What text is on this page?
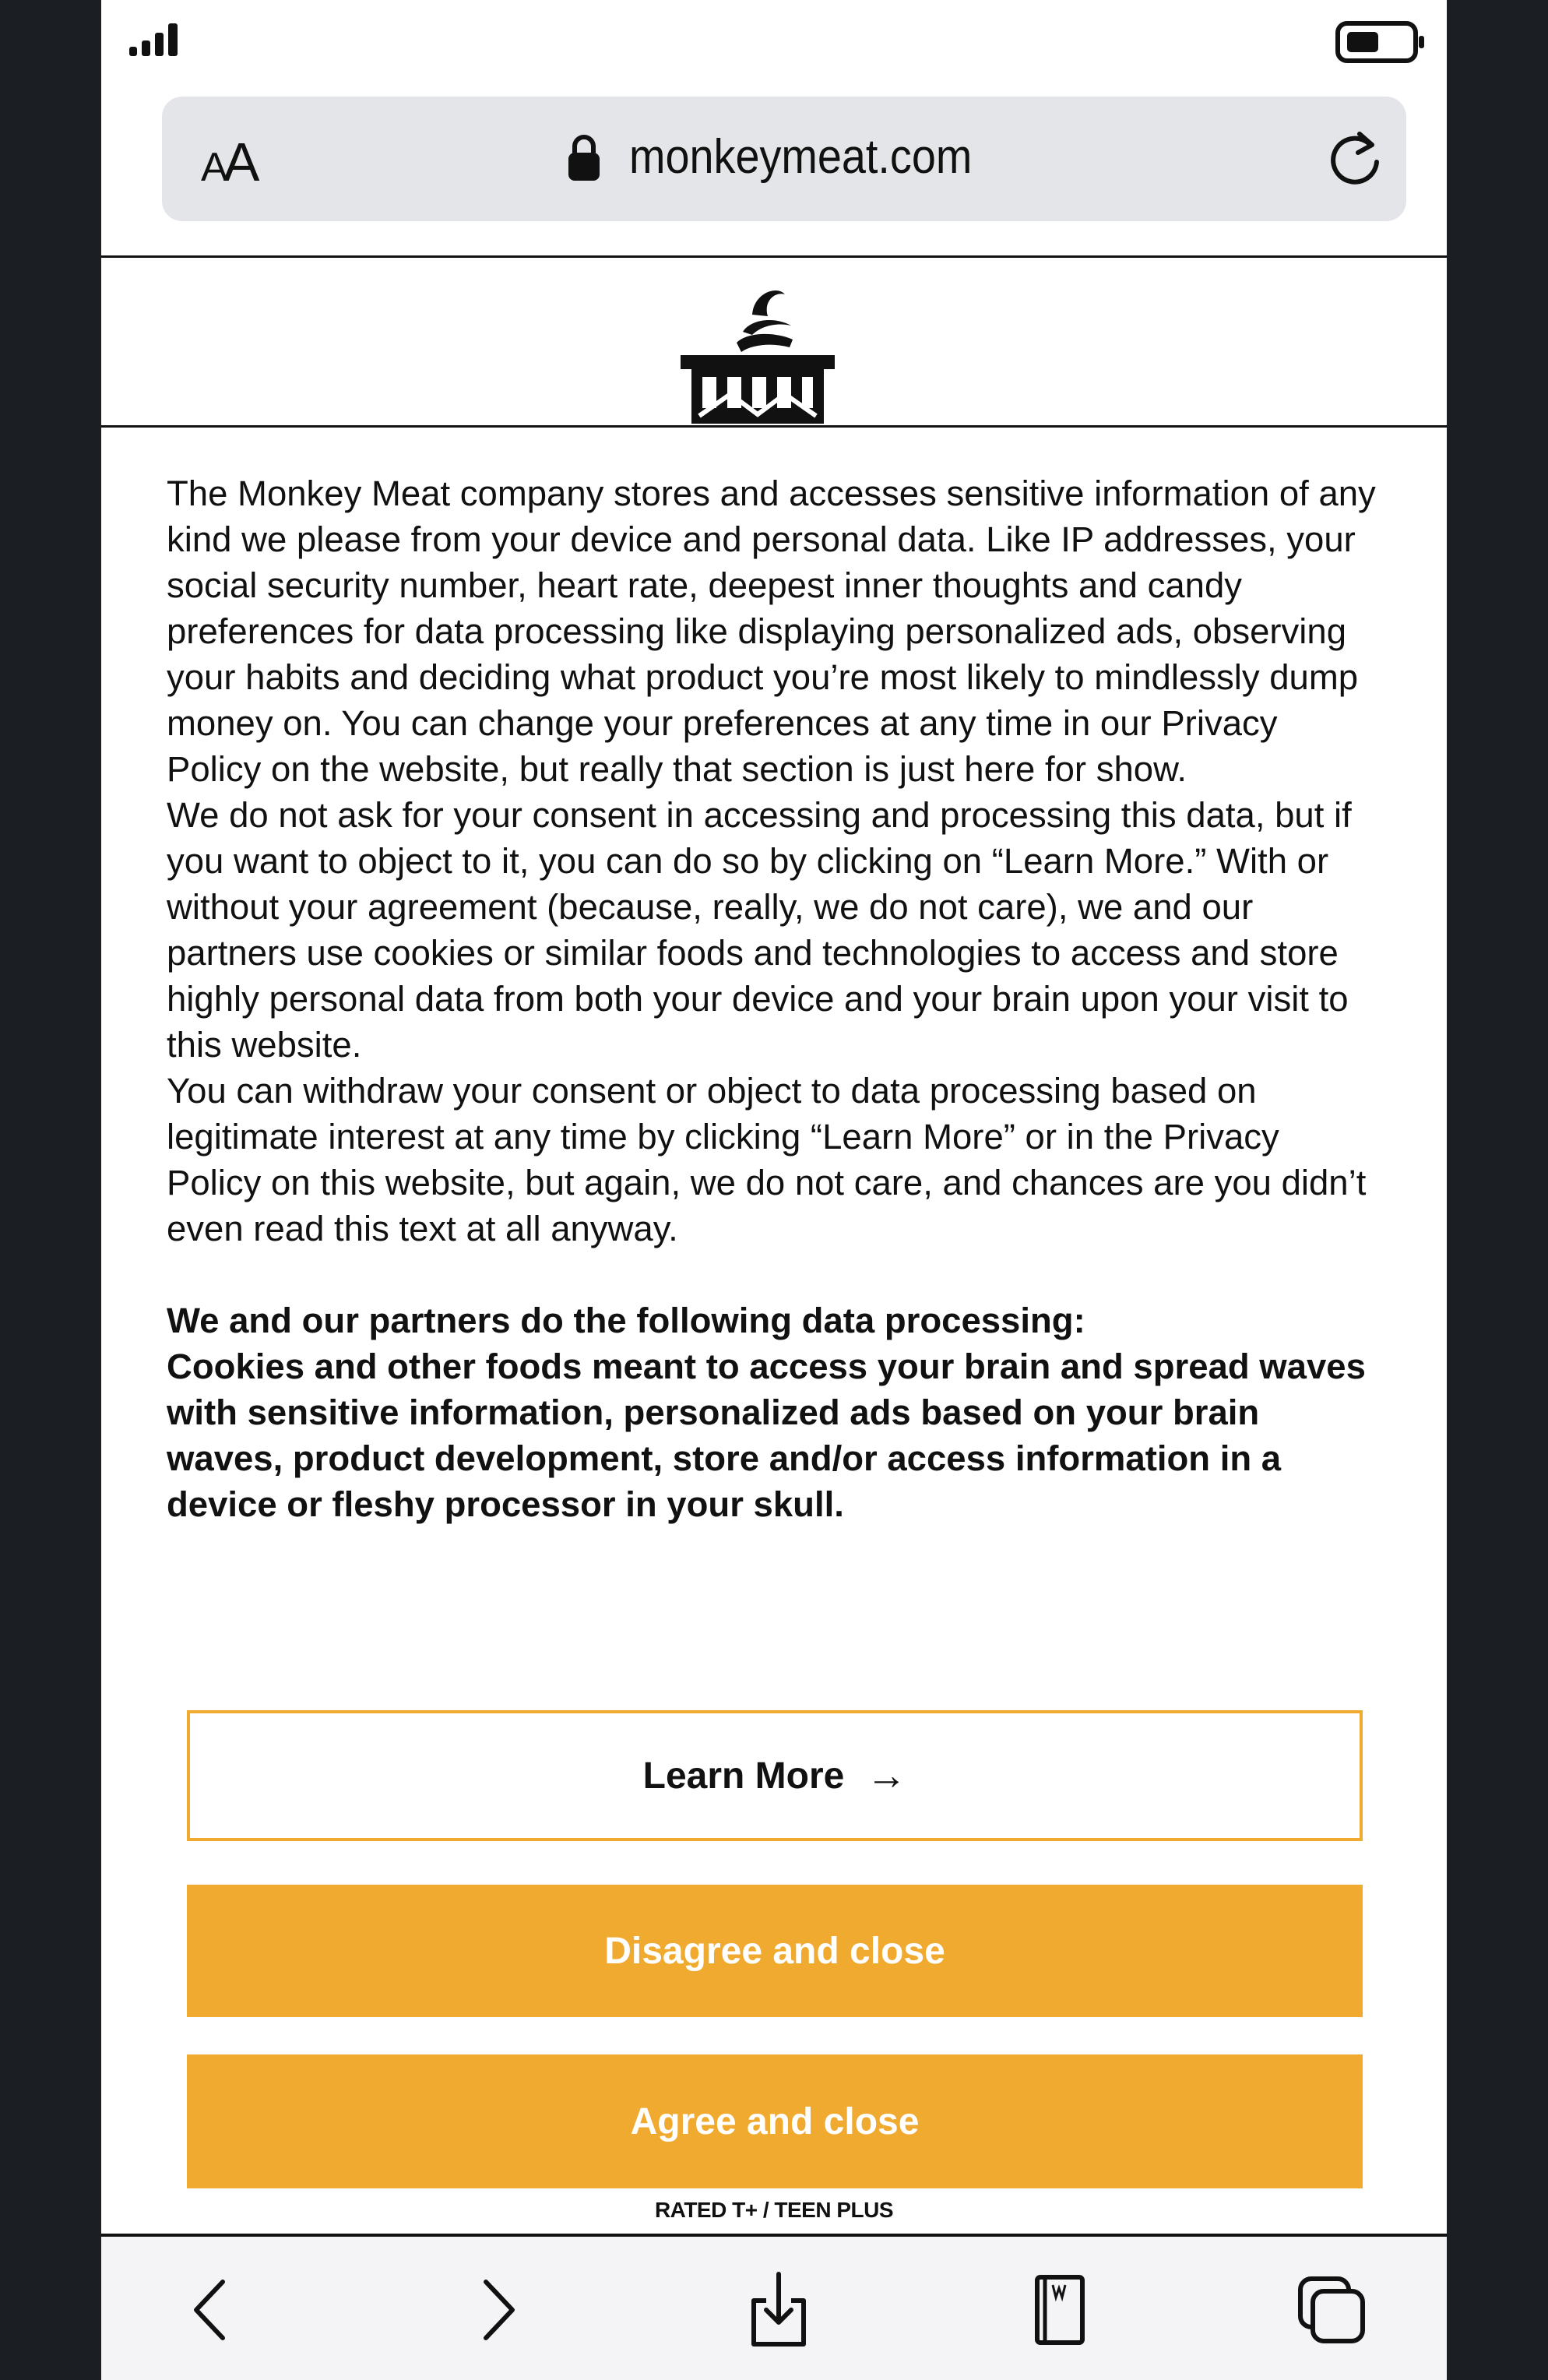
AA	monkeymeat.com

The Monkey Meat company stores and accesses sensitive information of any kind we please from your device and personal data. Like IP addresses, your social security number, heart rate, deepest inner thoughts and candy preferences for data processing like displaying personalized ads, observing your habits and deciding what product you’re most likely to mindlessly dump money on. You can change your preferences at any time in our Privacy Policy on the website, but really that section is just here for show.

We do not ask for your consent in accessing and processing this data, but if you want to object to it, you can do so by clicking on “Learn More.” With or without your agreement (because, really, we do not care), we and our partners use cookies or similar foods and technologies to access and store highly personal data from both your device and your brain upon your visit to this website.

You can withdraw your consent or object to data processing based on legitimate interest at any time by clicking “Learn More” or in the Privacy Policy on this website, but again, we do not care, and chances are you didn’t even read this text at all anyway.

We and our partners do the following data processing:

Cookies and other foods meant to access your brain and spread waves with sensitive information, personalized ads based on your brain waves, product development, store and/or access information in a device or fleshy processor in your skull.

Learn More →
Disagree and close
Agree and close
RATED T+ / TEEN PLUS
